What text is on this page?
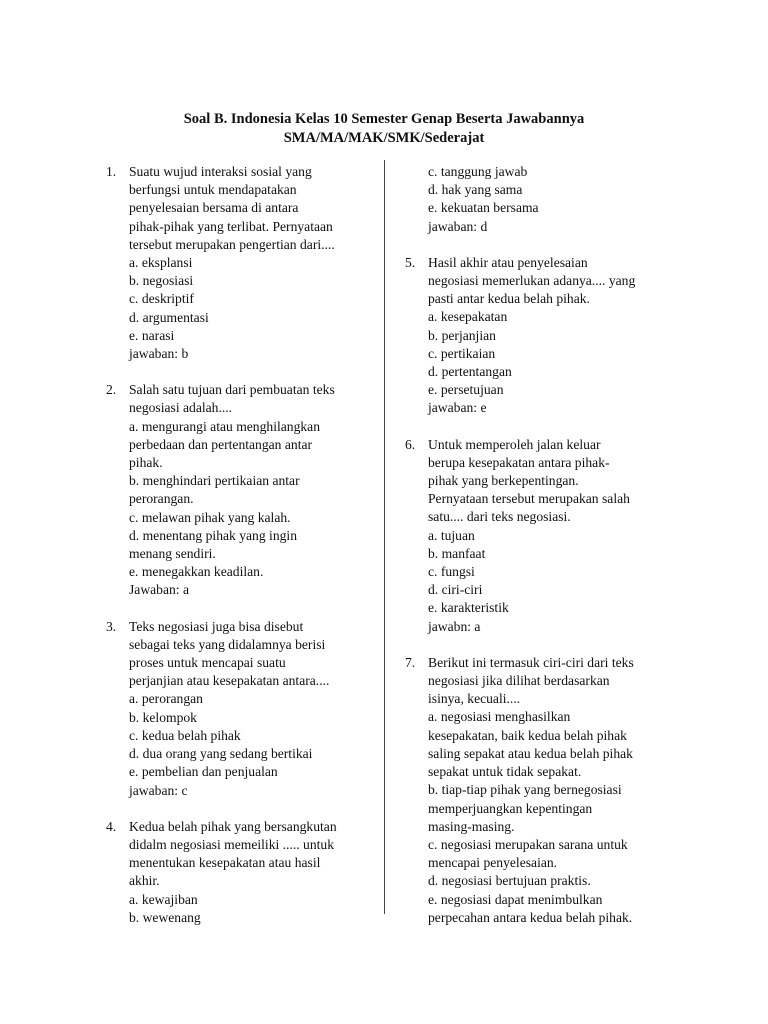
Soal B. Indonesia Kelas 10 Semester Genap Beserta Jawabannya
SMA/MA/MAK/SMK/Sederajat
1. Suatu wujud interaksi sosial yang
berfungsi untuk mendapatakan
penyelesaian bersama di antara
pihak-pihak yang terlibat. Pernyataan
tersebut merupakan pengertian dari....
a. eksplansi
b. negosiasi
c. deskriptif
d. argumentasi
e. narasi
jawaban: b
2. Salah satu tujuan dari pembuatan teks
negosiasi adalah....
a. mengurangi atau menghilangkan
perbedaan dan pertentangan antar
pihak.
b. menghindari pertikaian antar
perorangan.
c. melawan pihak yang kalah.
d. menentang pihak yang ingin
menang sendiri.
e. menegakkan keadilan.
Jawaban: a
3. Teks negosiasi juga bisa disebut
sebagai teks yang didalamnya berisi
proses untuk mencapai suatu
perjanjian atau kesepakatan antara....
a. perorangan
b. kelompok
c. kedua belah pihak
d. dua orang yang sedang bertikai
e. pembelian dan penjualan
jawaban: c
4. Kedua belah pihak yang bersangkutan
didalm negosiasi memeiliki ..... untuk
menentukan kesepakatan atau hasil
akhir.
a. kewajiban
b. wewenang
c. tanggung jawab
d. hak yang sama
e. kekuatan bersama
jawaban: d
5. Hasil akhir atau penyelesaian
negosiasi memerlukan adanya.... yang
pasti antar kedua belah pihak.
a. kesepakatan
b. perjanjian
c. pertikaian
d. pertentangan
e. persetujuan
jawaban: e
6. Untuk memperoleh jalan keluar
berupa kesepakatan antara pihak-
pihak yang berkepentingan.
Pernyataan tersebut merupakan salah
satu.... dari teks negosiasi.
a. tujuan
b. manfaat
c. fungsi
d. ciri-ciri
e. karakteristik
jawabn: a
7. Berikut ini termasuk ciri-ciri dari teks
negosiasi jika dilihat berdasarkan
isinya, kecuali....
a. negosiasi menghasilkan
kesepakatan, baik kedua belah pihak
saling sepakat atau kedua belah pihak
sepakat untuk tidak sepakat.
b. tiap-tiap pihak yang bernegosiasi
memperjuangkan kepentingan
masing-masing.
c. negosiasi merupakan sarana untuk
mencapai penyelesaian.
d. negosiasi bertujuan praktis.
e. negosiasi dapat menimbulkan
perpecahan antara kedua belah pihak.
